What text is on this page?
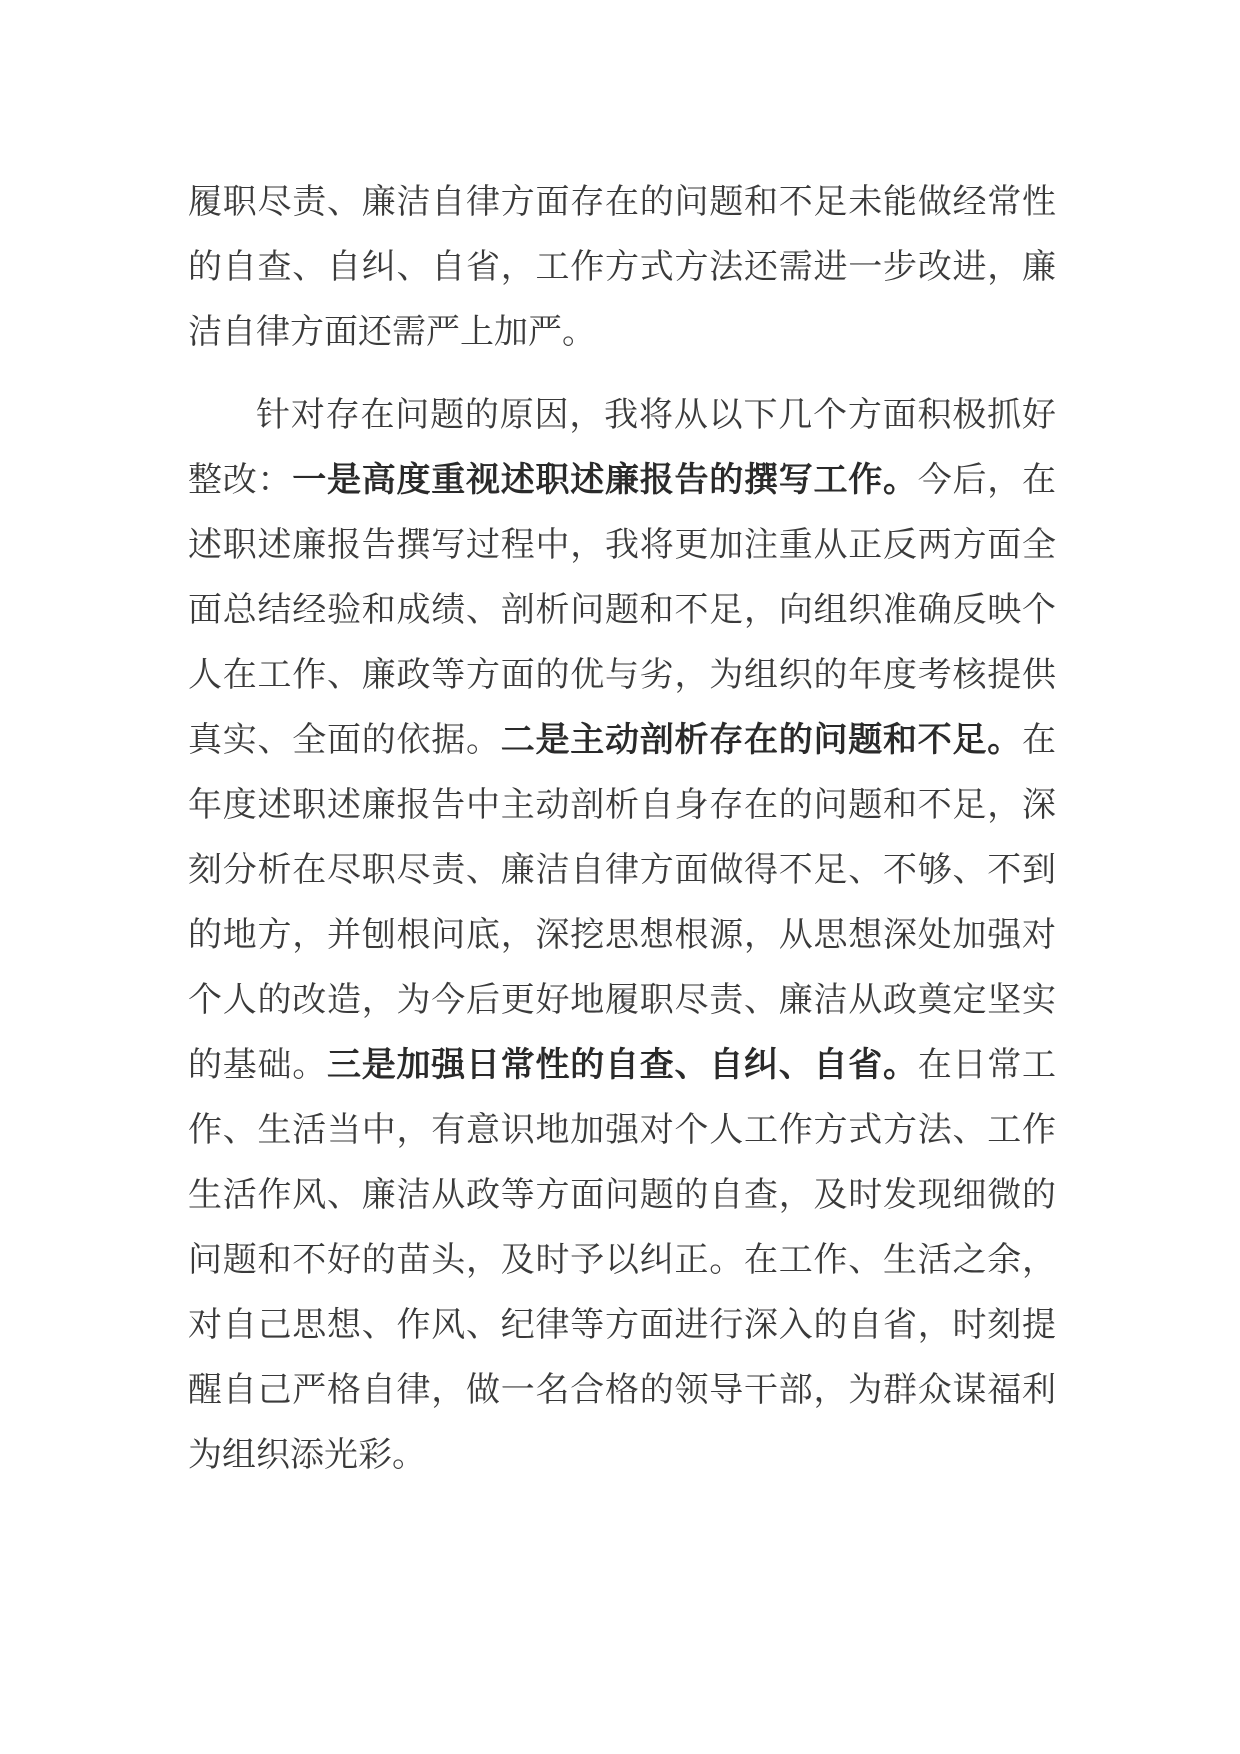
履职尽责、廉洁自律方面存在的问题和不足未能做经常性的自查、自纠、自省，工作方式方法还需进一步改进，廉洁自律方面还需严上加严。

针对存在问题的原因，我将从以下几个方面积极抓好整改：一是高度重视述职述廉报告的撰写工作。今后，在述职述廉报告撰写过程中，我将更加注重从正反两方面全面总结经验和成绩、剖析问题和不足，向组织准确反映个人在工作、廉政等方面的优与劣，为组织的年度考核提供真实、全面的依据。二是主动剖析存在的问题和不足。在年度述职述廉报告中主动剖析自身存在的问题和不足，深刻分析在尽职尽责、廉洁自律方面做得不足、不够、不到的地方，并刨根问底，深挖思想根源，从思想深处加强对个人的改造，为今后更好地履职尽责、廉洁从政奠定坚实的基础。三是加强日常性的自查、自纠、自省。在日常工作、生活当中，有意识地加强对个人工作方式方法、工作生活作风、廉洁从政等方面问题的自查，及时发现细微的问题和不好的苗头，及时予以纠正。在工作、生活之余，对自己思想、作风、纪律等方面进行深入的自省，时刻提醒自己严格自律，做一名合格的领导干部，为群众谋福利为组织添光彩。
